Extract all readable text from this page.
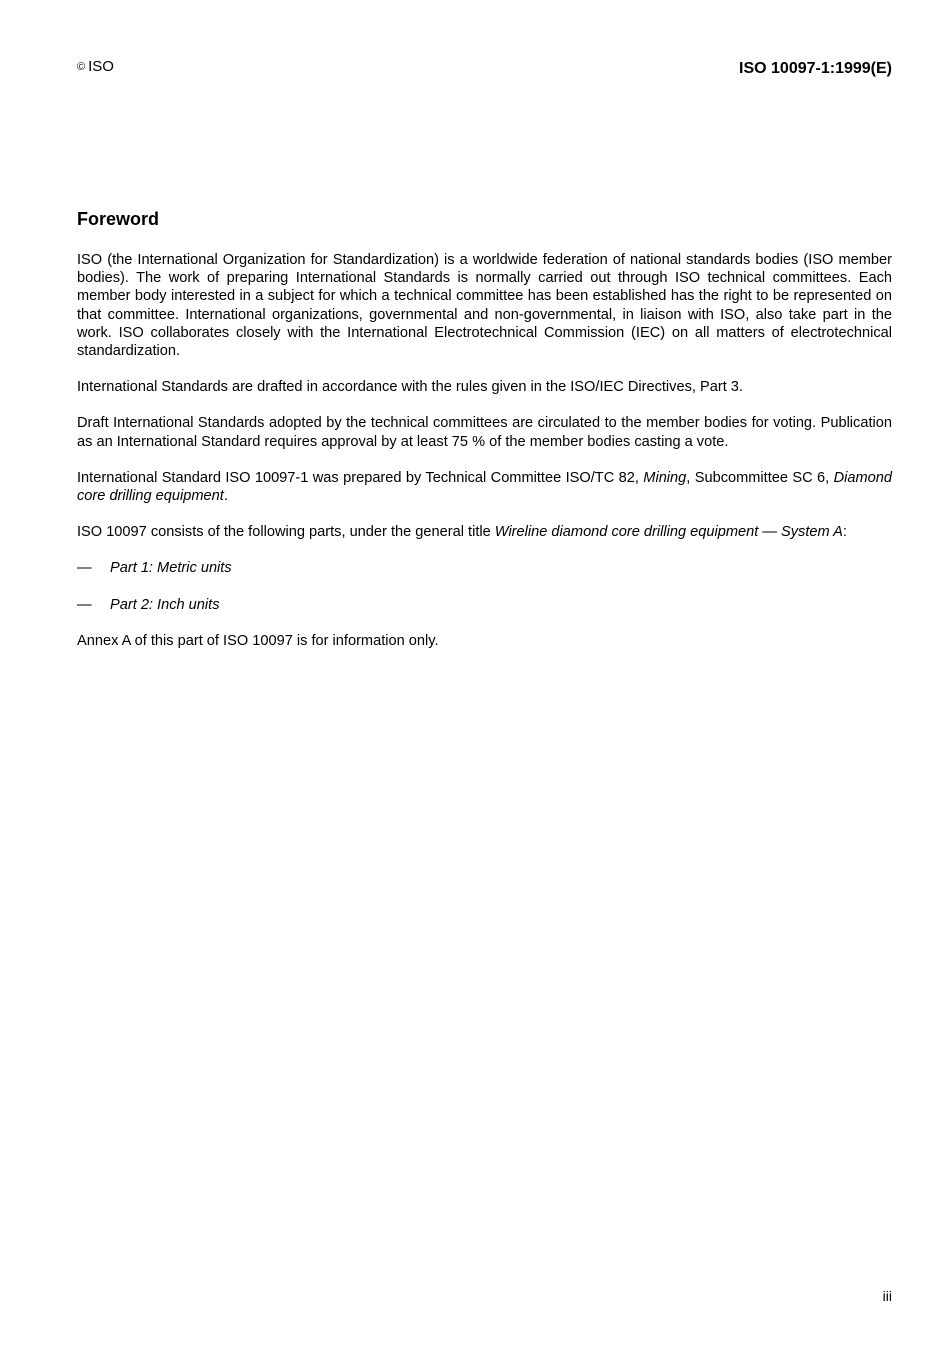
© ISO	ISO 10097-1:1999(E)
Foreword

ISO (the International Organization for Standardization) is a worldwide federation of national standards bodies (ISO member bodies). The work of preparing International Standards is normally carried out through ISO technical committees. Each member body interested in a subject for which a technical committee has been established has the right to be represented on that committee. International organizations, governmental and non-governmental, in liaison with ISO, also take part in the work. ISO collaborates closely with the International Electrotechnical Commission (IEC) on all matters of electrotechnical standardization.

International Standards are drafted in accordance with the rules given in the ISO/IEC Directives, Part 3.

Draft International Standards adopted by the technical committees are circulated to the member bodies for voting. Publication as an International Standard requires approval by at least 75 % of the member bodies casting a vote.

International Standard ISO 10097-1 was prepared by Technical Committee ISO/TC 82, Mining, Subcommittee SC 6, Diamond core drilling equipment.

ISO 10097 consists of the following parts, under the general title Wireline diamond core drilling equipment — System A:

—	Part 1: Metric units
—	Part 2: Inch units

Annex A of this part of ISO 10097 is for information only.

iii
